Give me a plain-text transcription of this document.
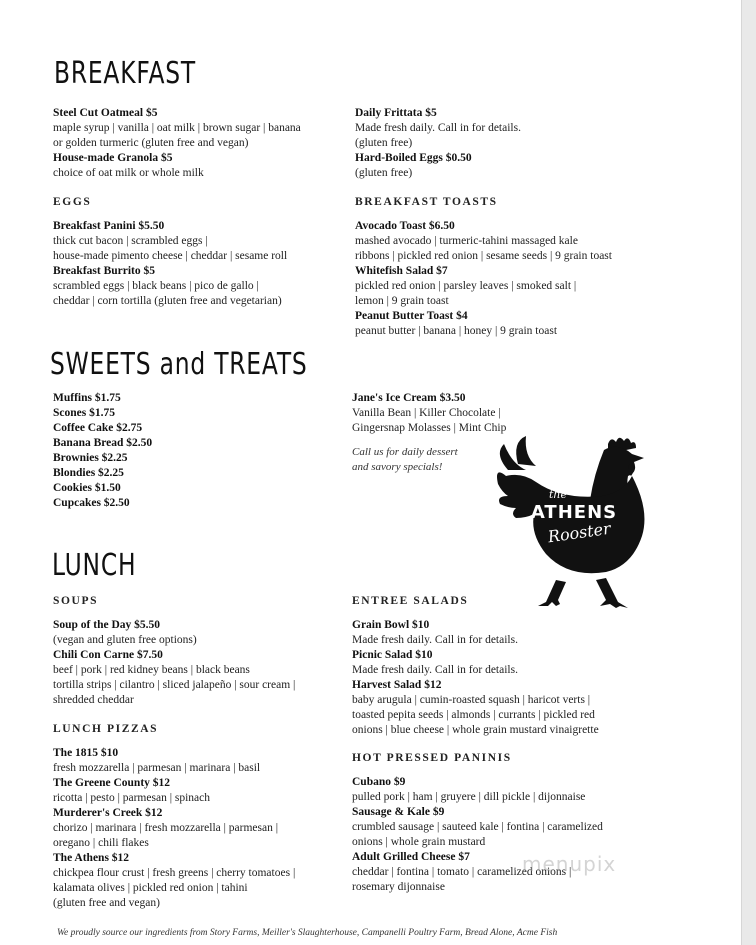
BREAKFAST
Steel Cut Oatmeal $5
maple syrup | vanilla | oat milk | brown sugar | banana
or golden turmeric (gluten free and vegan)
House-made Granola $5
choice of oat milk or whole milk
Daily Frittata $5
Made fresh daily. Call in for details.
(gluten free)
Hard-Boiled Eggs $0.50
(gluten free)
EGGS
Breakfast Panini $5.50
thick cut bacon | scrambled eggs |
house-made pimento cheese | cheddar | sesame roll
Breakfast Burrito $5
scrambled eggs | black beans | pico de gallo |
cheddar | corn tortilla (gluten free and vegetarian)
BREAKFAST TOASTS
Avocado Toast $6.50
mashed avocado | turmeric-tahini massaged kale
ribbons | pickled red onion | sesame seeds | 9 grain toast
Whitefish Salad $7
pickled red onion | parsley leaves | smoked salt |
lemon | 9 grain toast
Peanut Butter Toast $4
peanut butter | banana | honey | 9 grain toast
SWEETS and TREATS
Muffins $1.75
Scones $1.75
Coffee Cake $2.75
Banana Bread $2.50
Brownies $2.25
Blondies $2.25
Cookies $1.50
Cupcakes $2.50
Jane's Ice Cream $3.50
Vanilla Bean | Killer Chocolate |
Gingersnap Molasses | Mint Chip
Call us for daily dessert
and savory specials!
the
ATHENS
Rooster
LUNCH
SOUPS
Soup of the Day $5.50
(vegan and gluten free options)
Chili Con Carne $7.50
beef | pork | red kidney beans | black beans
tortilla strips | cilantro | sliced jalapeño | sour cream |
shredded cheddar
LUNCH PIZZAS
The 1815 $10
fresh mozzarella | parmesan | marinara | basil
The Greene County $12
ricotta | pesto | parmesan | spinach
Murderer's Creek $12
chorizo | marinara | fresh mozzarella | parmesan |
oregano | chili flakes
The Athens $12
chickpea flour crust | fresh greens | cherry tomatoes |
kalamata olives | pickled red onion | tahini
(gluten free and vegan)
ENTREE SALADS
Grain Bowl $10
Made fresh daily. Call in for details.
Picnic Salad $10
Made fresh daily. Call in for details.
Harvest Salad $12
baby arugula | cumin-roasted squash | haricot verts |
toasted pepita seeds | almonds | currants | pickled red
onions | blue cheese | whole grain mustard vinaigrette
HOT PRESSED PANINIS
Cubano $9
pulled pork | ham | gruyere | dill pickle | dijonnaise
Sausage & Kale $9
crumbled sausage | sauteed kale | fontina | caramelized
onions | whole grain mustard
Adult Grilled Cheese $7
cheddar | fontina | tomato | caramelized onions |
rosemary dijonnaise
menupix
We proudly source our ingredients from Story Farms, Meiller's Slaughterhouse, Campanelli Poultry Farm, Bread Alone, Acme Fish
